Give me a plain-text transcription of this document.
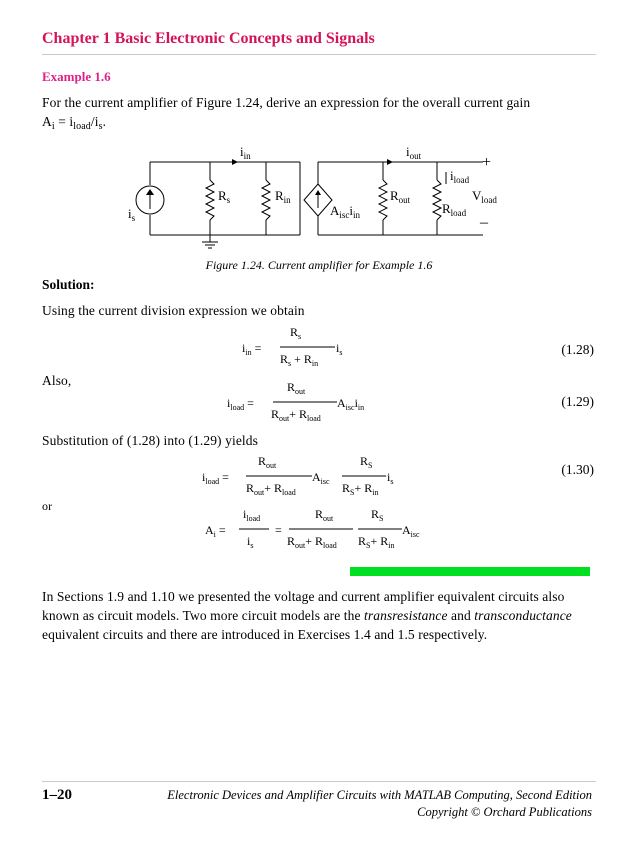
Chapter 1 Basic Electronic Concepts and Signals
Example 1.6
For the current amplifier of Figure 1.24, derive an expression for the overall current gain
$A_i = i_{load}/i_s$.
$i_s$
$i_{in}$
$R_s$	$R_{in}$
$A_{isc}i_{in}$
$i_{out}$
$R_{out}$
$i_{load}$
$R_{load}$
$V_{load}$
+
–
Figure 1.24. Current amplifier for Example 1.6
Solution:
Using the current division expression we obtain
$R_s$
$i_{in}$ =	$i_s$
$R_s + R_{in}$
(1.28)
Also,	$R_{out}$
$i_{load}$ =	$A_{isc}i_{in}$
$R_{out}+ R_{load}$
(1.29)
Substitution of (1.28) into (1.29) yields
$R_{out}$	$R_S$
$i_{load}$ =	$A_{isc}$	$i_s$
$R_{out}+ R_{load}$	$R_S+ R_{in}$
(1.30)
or
$i_{load}$
$A_i$ =	=
$i_s$
$R_{out}$
$R_{out}+ R_{load}$
$R_S$
$A_{isc}$
$R_S+ R_{in}$
In Sections 1.9 and 1.10 we presented the voltage and current amplifier equivalent circuits also
known as circuit models. Two more circuit models are the transresistance and transconductance
equivalent circuits and there are introduced in Exercises 1.4 and 1.5 respectively.
1–20	Electronic Devices and Amplifier Circuits with MATLAB Computing, Second Edition
Copyright © Orchard Publications
